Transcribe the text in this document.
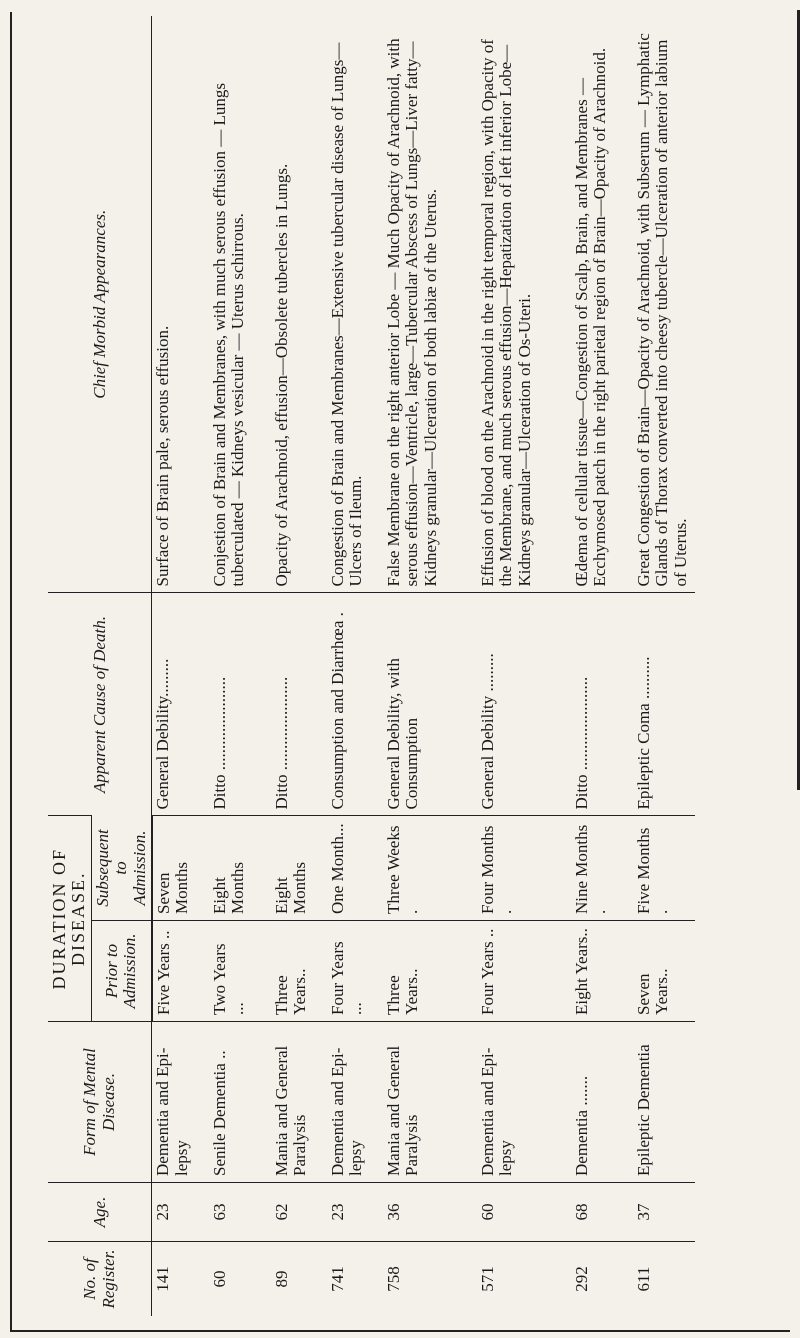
No. of Register.	Age.	Form of Mental Disease.	DURATION OF DISEASE.		Apparent Cause of Death.	Chief Morbid Appearances.
			Prior to Admission.	Subsequent to Admission.		
141	23	Dementia and Epi-lepsy	Five Years ..	Seven Months	General Debility.........	Surface of Brain pale, serous effusion.
60	63	Senile Dementia ..	Two Years ...	Eight Months	Ditto ......................	Conjestion of Brain and Membranes, with much serous effusion — Lungs tuberculated — Kidneys vesicular — Uterus schirrous.
89	62	Mania and General Paralysis	Three Years..	Eight Months	Ditto ......................	Opacity of Arachnoid, effusion—Obsolete tubercles in Lungs.
741	23	Dementia and Epi-lepsy	Four Years ...	One Month...	Consumption and Diarrhœa .	Congestion of Brain and Membranes—Extensive tubercular disease of Lungs—Ulcers of Ileum.
758	36	Mania and General Paralysis	Three Years..	Three Weeks .	General Debility, with Consumption	False Membrane on the right anterior Lobe — Much Opacity of Arachnoid, with serous effusion—Ventricle, large—Tubercular Abscess of Lungs—Liver fatty—Kidneys granular—Ulceration of both labiæ of the Uterus.
571	60	Dementia and Epi-lepsy	Four Years ..	Four Months .	General Debility .........	Effusion of blood on the Arachnoid in the right temporal region, with Opacity of the Membrane, and much serous effusion—Hepatization of left inferior Lobe—Kidneys granular—Ulceration of Os-Uteri.
292	68	Dementia .......	Eight Years..	Nine Months .	Ditto ......................	Œdema of cellular tissue—Congestion of Scalp, Brain, and Membranes — Ecchymosed patch in the right parietal region of Brain—Opacity of Arachnoid.
611	37	Epileptic Dementia	Seven Years..	Five Months .	Epileptic Coma ..........	Great Congestion of Brain—Opacity of Arachnoid, with Subserum — Lymphatic Glands of Thorax converted into cheesy tubercle—Ulceration of anterior labium of Uterus.
